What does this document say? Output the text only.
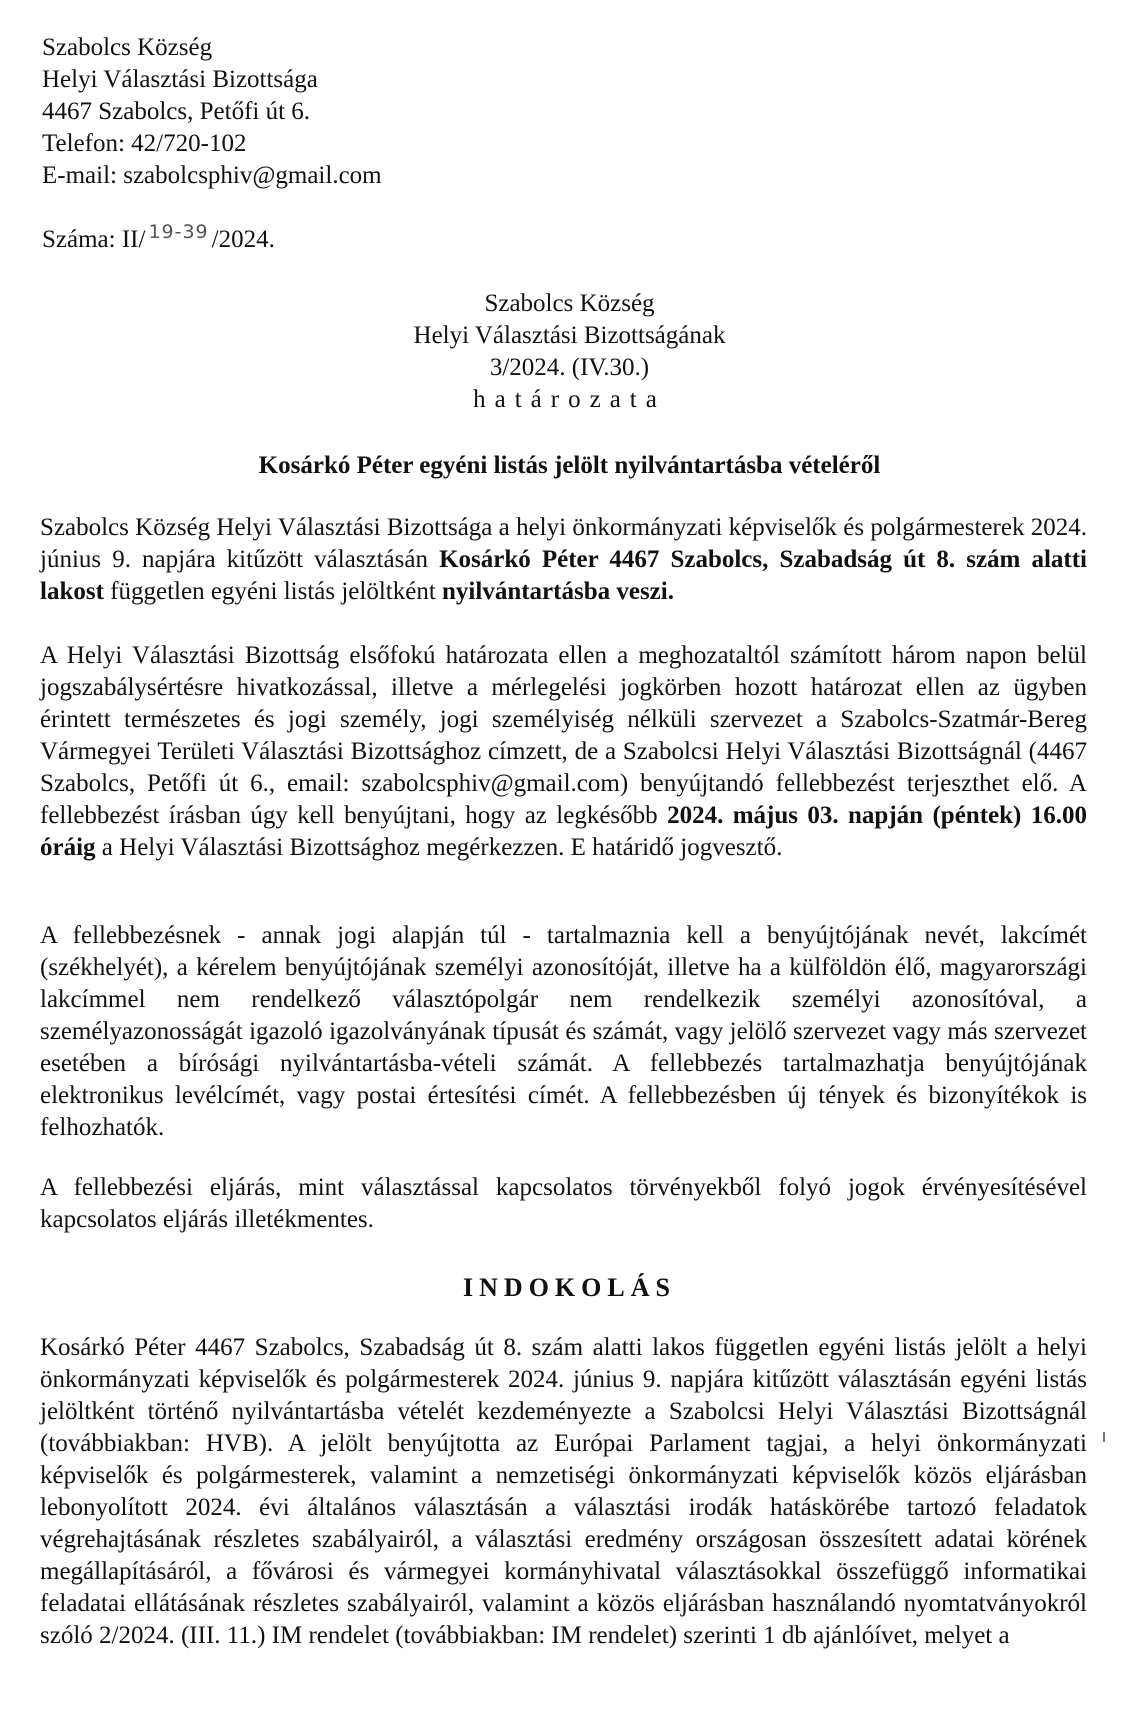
Szabolcs Község
Helyi Választási Bizottsága
4467 Szabolcs, Petőfi út 6.
Telefon: 42/720-102
E-mail: szabolcsphiv@gmail.com
Száma: II/ 19-39 /2024.
Szabolcs Község
Helyi Választási Bizottságának
3/2024. (IV.30.)
határozata
Kosárkó Péter egyéni listás jelölt nyilvántartásba vételéről

Szabolcs Község Helyi Választási Bizottsága a helyi önkormányzati képviselők és polgármesterek 2024. június 9. napjára kitűzött választásán Kosárkó Péter 4467 Szabolcs, Szabadság út 8. szám alatti lakost független egyéni listás jelöltként nyilvántartásba veszi.

A Helyi Választási Bizottság elsőfokú határozata ellen a meghozataltól számított három napon belül jogszabálysértésre hivatkozással, illetve a mérlegelési jogkörben hozott határozat ellen az ügyben érintett természetes és jogi személy, jogi személyiség nélküli szervezet a Szabolcs-Szatmár-Bereg Vármegyei Területi Választási Bizottsághoz címzett, de a Szabolcsi Helyi Választási Bizottságnál (4467 Szabolcs, Petőfi út 6., email: szabolcsphiv@gmail.com) benyújtandó fellebbezést terjeszthet elő. A fellebbezést írásban úgy kell benyújtani, hogy az legkésőbb 2024. május 03. napján (péntek) 16.00 óráig a Helyi Választási Bizottsághoz megérkezzen. E határidő jogvesztő.

A fellebbezésnek - annak jogi alapján túl - tartalmaznia kell a benyújtójának nevét, lakcímét (székhelyét), a kérelem benyújtójának személyi azonosítóját, illetve ha a külföldön élő, magyarországi lakcímmel nem rendelkező választópolgár nem rendelkezik személyi azonosítóval, a személyazonosságát igazoló igazolványának típusát és számát, vagy jelölő szervezet vagy más szervezet esetében a bírósági nyilvántartásba-vételi számát. A fellebbezés tartalmazhatja benyújtójának elektronikus levélcímét, vagy postai értesítési címét. A fellebbezésben új tények és bizonyítékok is felhozhatók.

A fellebbezési eljárás, mint választással kapcsolatos törvényekből folyó jogok érvényesítésével kapcsolatos eljárás illetékmentes.

INDOKOLÁS

Kosárkó Péter 4467 Szabolcs, Szabadság út 8. szám alatti lakos független egyéni listás jelölt a helyi önkormányzati képviselők és polgármesterek 2024. június 9. napjára kitűzött választásán egyéni listás jelöltként történő nyilvántartásba vételét kezdeményezte a Szabolcsi Helyi Választási Bizottságnál (továbbiakban: HVB). A jelölt benyújtotta az Európai Parlament tagjai, a helyi önkormányzati képviselők és polgármesterek, valamint a nemzetiségi önkormányzati képviselők közös eljárásban lebonyolított 2024. évi általános választásán a választási irodák hatáskörébe tartozó feladatok végrehajtásának részletes szabályairól, a választási eredmény országosan összesített adatai körének megállapításáról, a fővárosi és vármegyei kormányhivatal választásokkal összefüggő informatikai feladatai ellátásának részletes szabályairól, valamint a közös eljárásban használandó nyomtatványokról szóló 2/2024. (III. 11.) IM rendelet (továbbiakban: IM rendelet) szerinti 1 db ajánlóívet, melyet a
